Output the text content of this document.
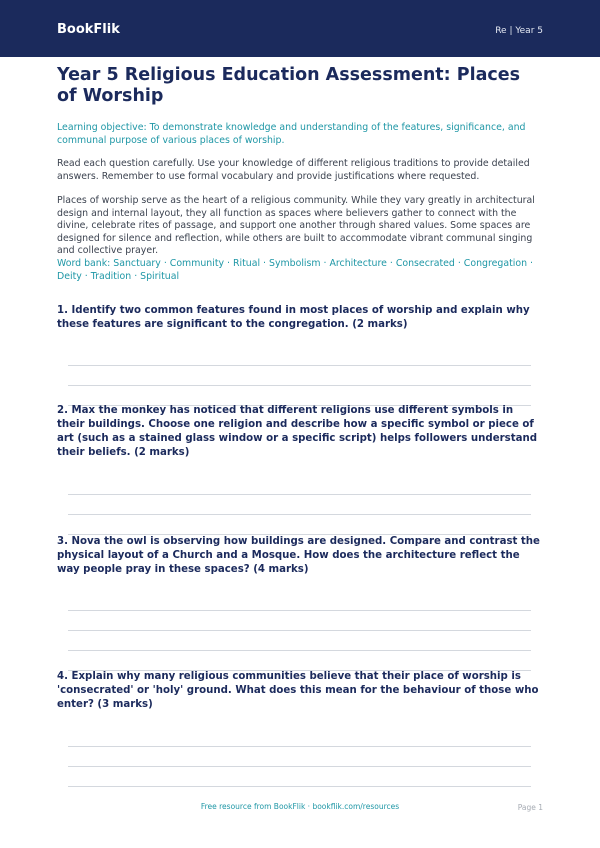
BookFlik	Re | Year 5
Year 5 Religious Education Assessment: Places of Worship

Learning objective: To demonstrate knowledge and understanding of the features, significance, and communal purpose of various places of worship.

Read each question carefully. Use your knowledge of different religious traditions to provide detailed answers. Remember to use formal vocabulary and provide justifications where requested.

Places of worship serve as the heart of a religious community. While they vary greatly in architectural design and internal layout, they all function as spaces where believers gather to connect with the divine, celebrate rites of passage, and support one another through shared values. Some spaces are designed for silence and reflection, while others are built to accommodate vibrant communal singing and collective prayer.

Word bank: Sanctuary · Community · Ritual · Symbolism · Architecture · Consecrated · Congregation · Deity · Tradition · Spiritual

1. Identify two common features found in most places of worship and explain why these features are significant to the congregation. (2 marks)

2. Max the monkey has noticed that different religions use different symbols in their buildings. Choose one religion and describe how a specific symbol or piece of art (such as a stained glass window or a specific script) helps followers understand their beliefs. (2 marks)

3. Nova the owl is observing how buildings are designed. Compare and contrast the physical layout of a Church and a Mosque. How does the architecture reflect the way people pray in these spaces? (4 marks)

4. Explain why many religious communities believe that their place of worship is 'consecrated' or 'holy' ground. What does this mean for the behaviour of those who enter? (3 marks)

Free resource from BookFlik · bookflik.com/resources	Page 1
